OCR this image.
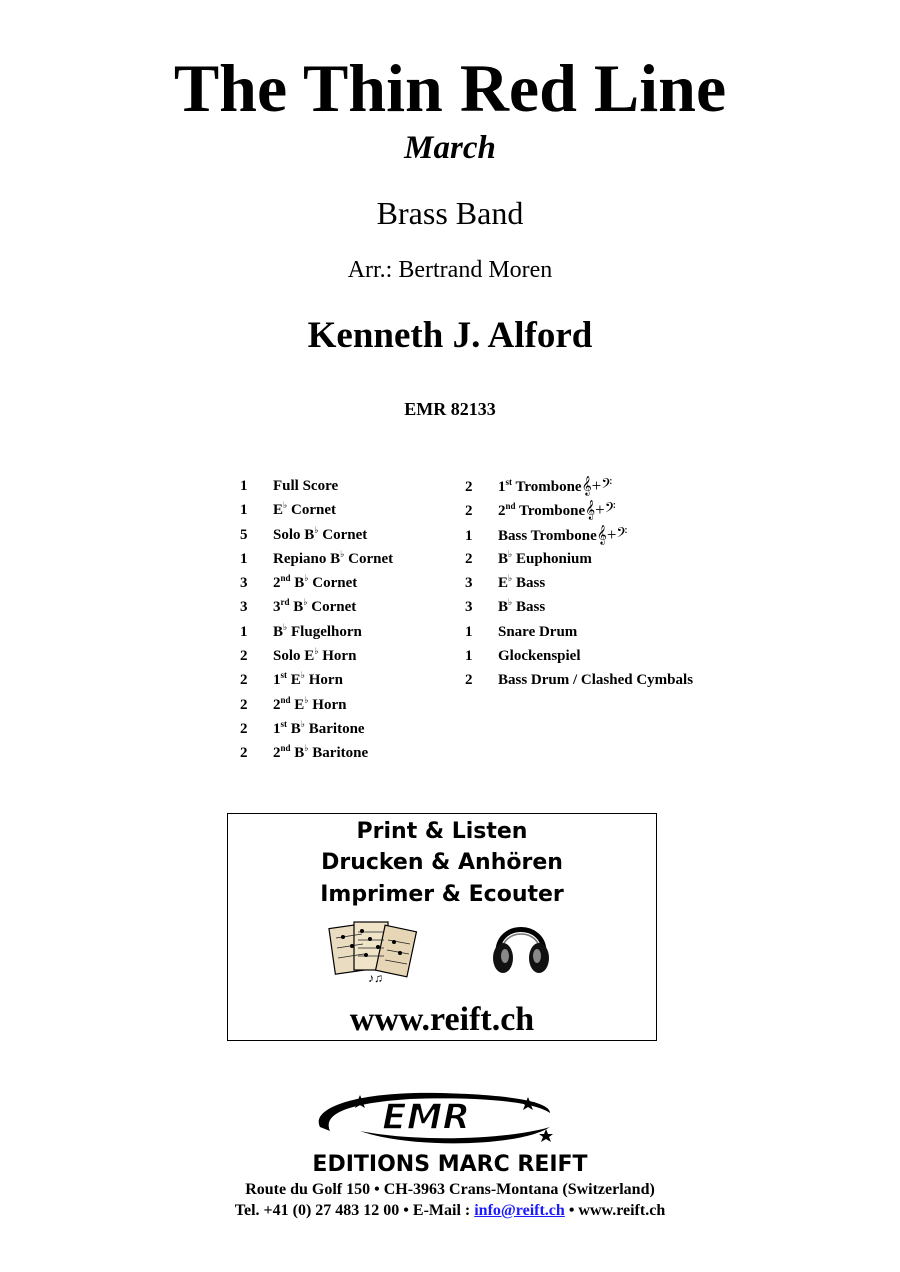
The Thin Red Line
March
Brass Band
Arr.: Bertrand Moren
Kenneth J. Alford
EMR 82133
1 Full Score
1 E♭ Cornet
5 Solo B♭ Cornet
1 Repiano B♭ Cornet
3 2nd B♭ Cornet
3 3rd B♭ Cornet
1 B♭ Flugelhorn
2 Solo E♭ Horn
2 1st E♭ Horn
2 2nd E♭ Horn
2 1st B♭ Baritone
2 2nd B♭ Baritone
2 1st Trombone𝄞+𝄢
2 2nd Trombone𝄞+𝄢
1 Bass Trombone𝄞+𝄢
2 B♭ Euphonium
3 E♭ Bass
3 B♭ Bass
1 Snare Drum
1 Glockenspiel
2 Bass Drum / Clashed Cymbals
Print & Listen
Drucken & Anhören
Imprimer & Ecouter
♪♫
www.reift.ch
EMR
EDITIONS MARC REIFT
Route du Golf 150 • CH-3963 Crans-Montana (Switzerland)
Tel. +41 (0) 27 483 12 00 • E-Mail : info@reift.ch • www.reift.ch
